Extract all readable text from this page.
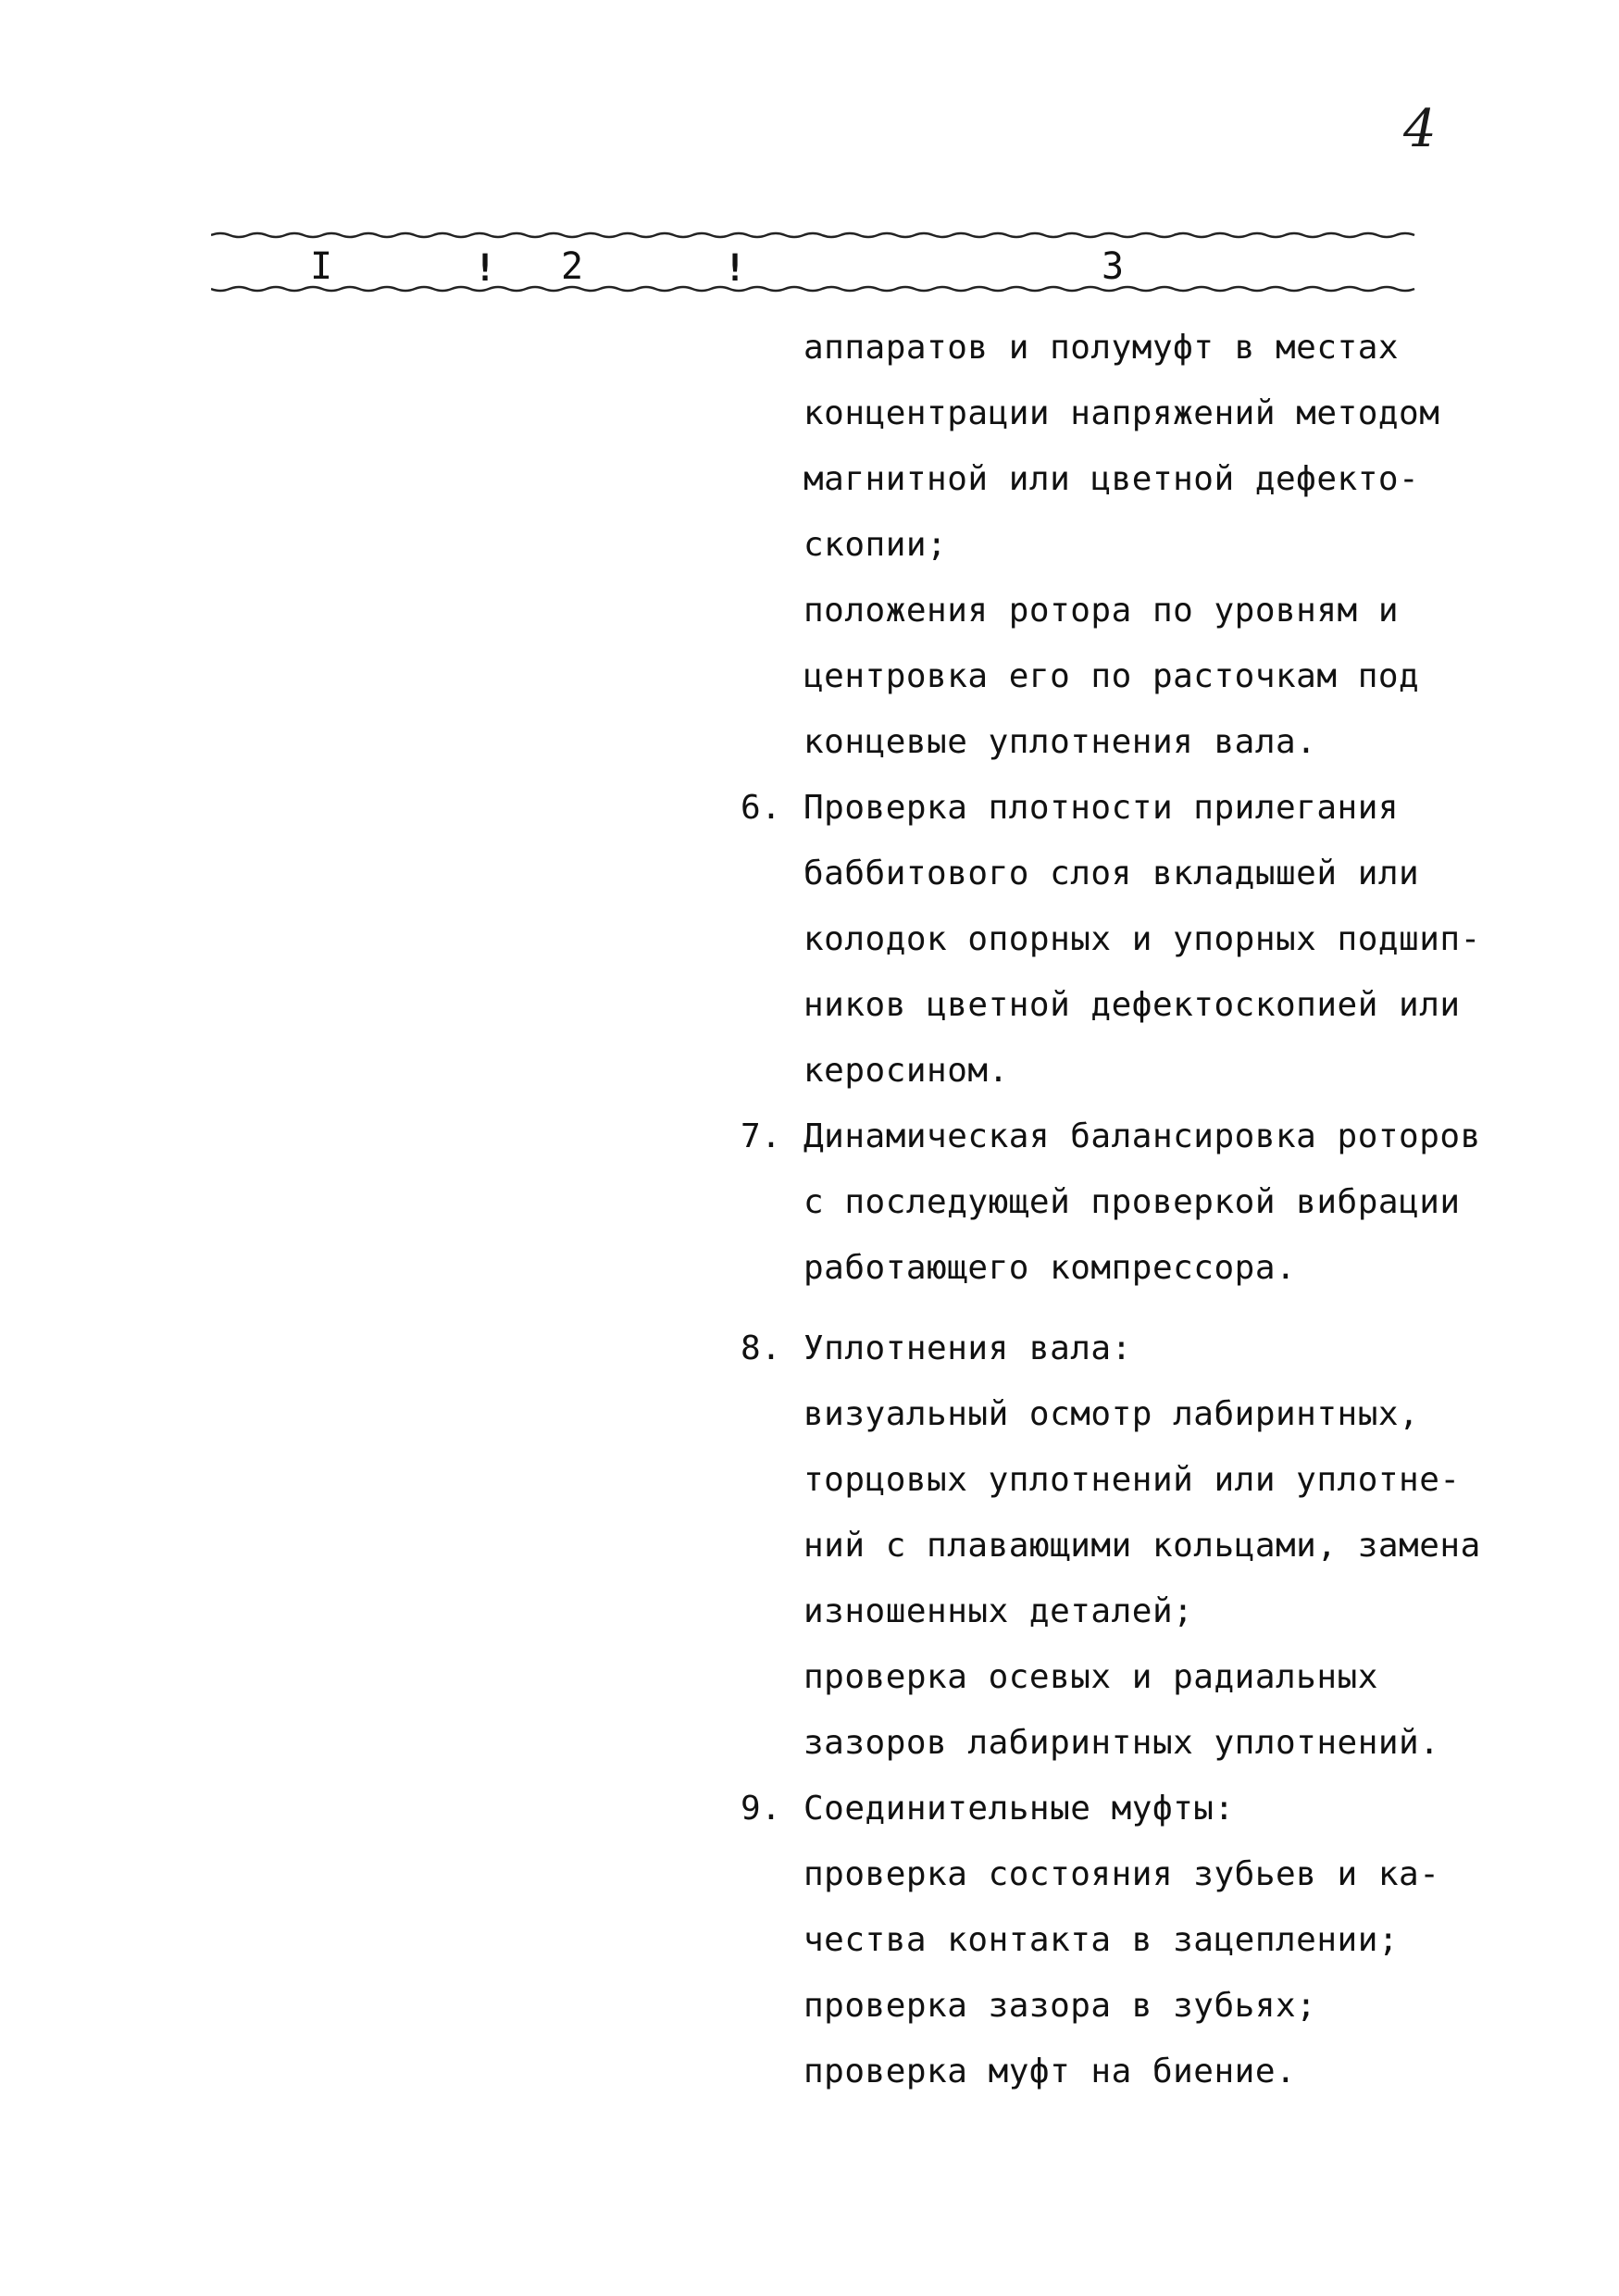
4
I	! 2	!	3
аппаратов и полумуфт в местах
концентрации напряжений методом
магнитной или цветной дефекто-
скопии;
положения ротора по уровням и
центровка его по расточкам под
концевые уплотнения вала.
6. Проверка плотности прилегания
баббитового слоя вкладышей или
колодок опорных и упорных подшип-
ников цветной дефектоскопией или
керосином.
7. Динамическая балансировка роторов
с последующей проверкой вибрации
работающего компрессора.
8. Уплотнения вала:
визуальный осмотр лабиринтных,
торцовых уплотнений или уплотне-
ний с плавающими кольцами, замена
изношенных деталей;
проверка осевых и радиальных
зазоров лабиринтных уплотнений.
9. Соединительные муфты:
проверка состояния зубьев и ка-
чества контакта в зацеплении;
проверка зазора в зубьях;
проверка муфт на биение.
